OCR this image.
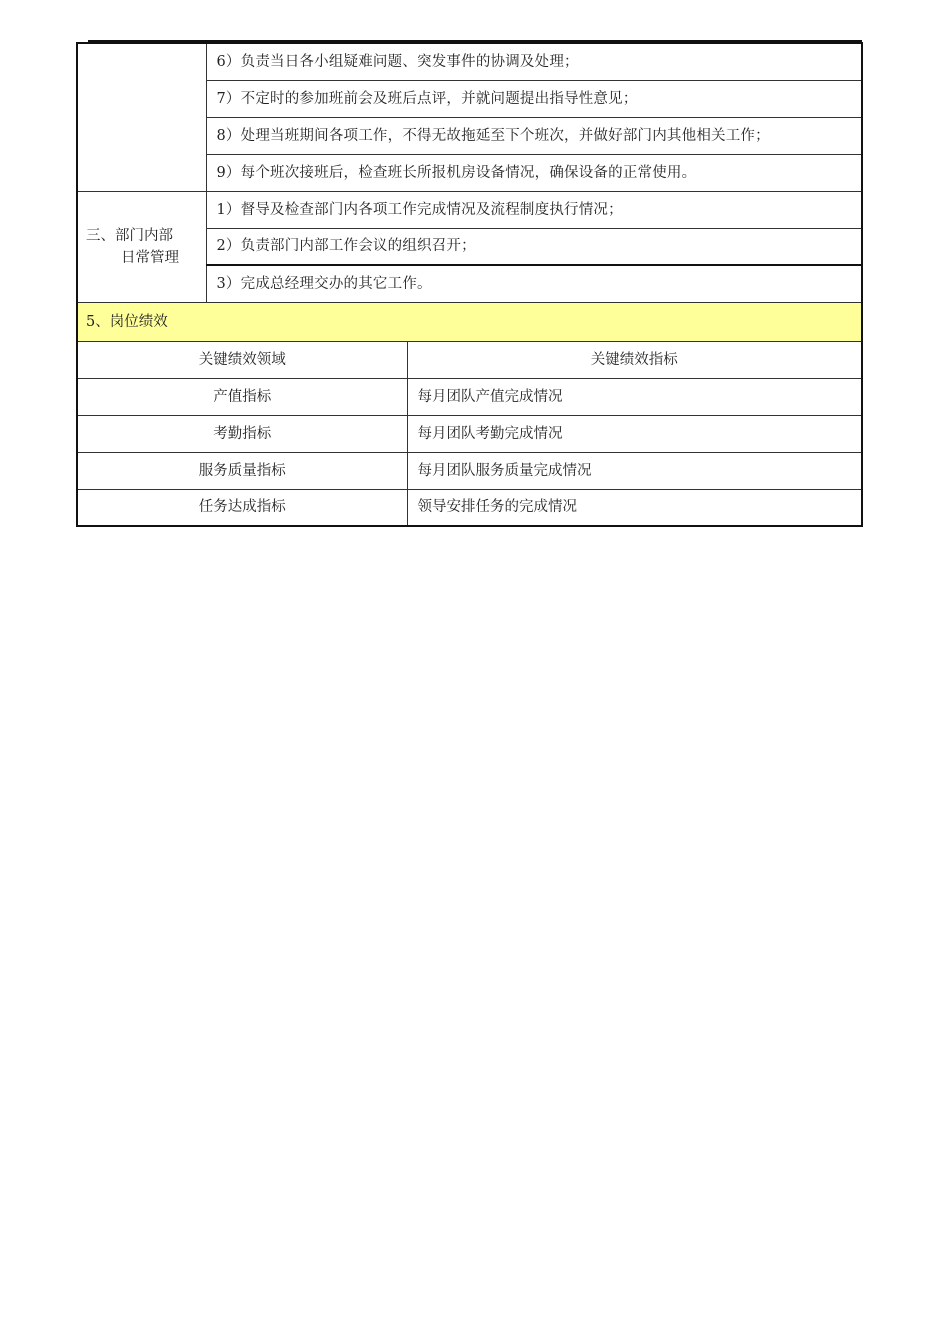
	6）负责当日各小组疑难问题、突发事件的协调及处理；	
	7）不定时的参加班前会及班后点评，并就问题提出指导性意见；	
	8）处理当班期间各项工作，不得无故拖延至下个班次，并做好部门内其他相关工作；	
	9）每个班次接班后，检查班长所报机房设备情况，确保设备的正常使用。	

三、部门内部
日常管理	1）督导及检查部门内各项工作完成情况及流程制度执行情况；	
	2）负责部门内部工作会议的组织召开；	
	3）完成总经理交办的其它工作。	
5、岗位绩效		
关键绩效领域		关键绩效指标
产值指标		每月团队产值完成情况
考勤指标		每月团队考勤完成情况
服务质量指标		每月团队服务质量完成情况
任务达成指标		领导安排任务的完成情况
